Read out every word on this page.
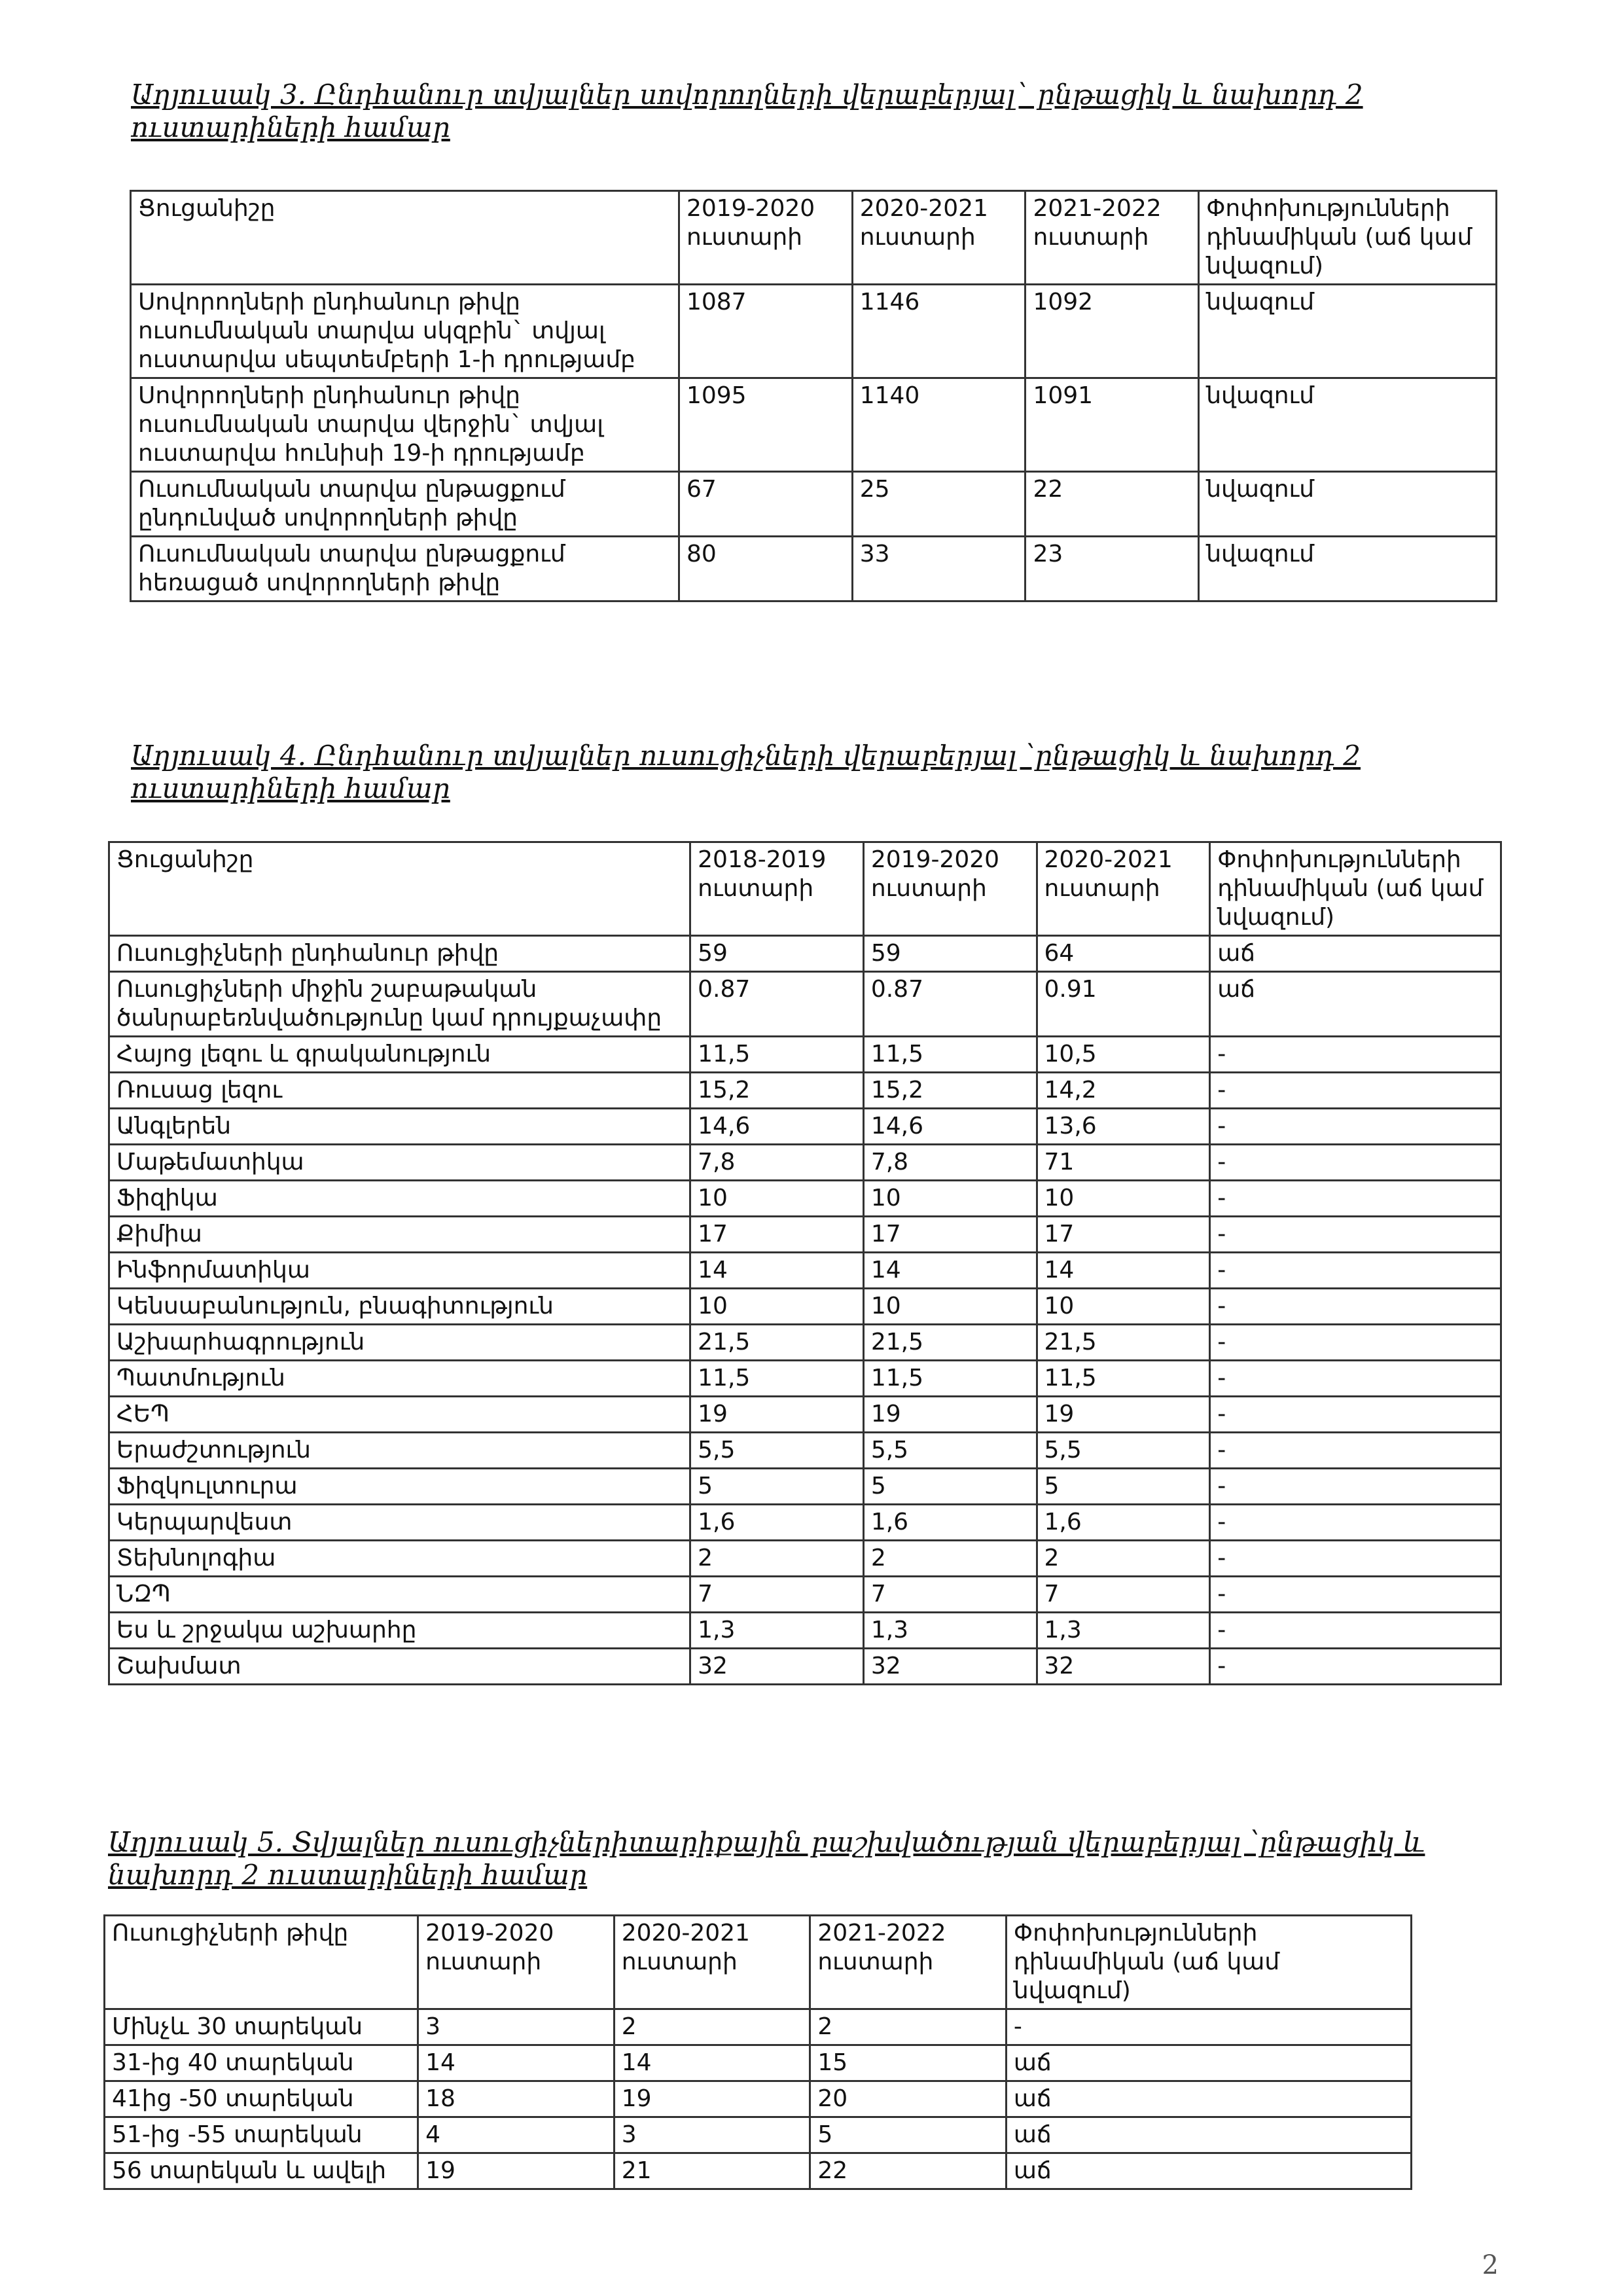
Աղյուսակ 3. Ընդհանուր տվյալներ սովորողների վերաբերյալ` ընթացիկ և նախորդ 2 ուստարիների համար
Ցուցանիշը	2019-2020 ուստարի	2020-2021 ուստարի	2021-2022 ուստարի	Փոփոխությունների դինամիկան (աճ կամ նվազում)
Սովորողների ընդհանուր թիվը ուսումնական տարվա սկզբին` տվյալ ուստարվա սեպտեմբերի 1-ի դրությամբ	1087	1146	1092	նվազում
Սովորողների ընդհանուր թիվը ուսումնական տարվա վերջին` տվյալ ուստարվա հունիսի 19-ի դրությամբ	1095	1140	1091	նվազում
Ուսումնական տարվա ընթացքում ընդունված սովորողների թիվը	67	25	22	նվազում
Ուսումնական տարվա ընթացքում հեռացած սովորողների թիվը	80	33	23	նվազում
Աղյուսակ 4. Ընդհանուր տվյալներ ուսուցիչների վերաբերյալ ՝ընթացիկ և նախորդ 2 ուստարիների համար
Ցուցանիշը	2018-2019 ուստարի	2019-2020 ուստարի	2020-2021 ուստարի	Փոփոխությունների դինամիկան (աճ կամ նվազում)
Ուսուցիչների ընդհանուր թիվը	59	59	64	աճ
Ուսուցիչների միջին շաբաթական ծանրաբեռնվածությունը կամ դրույքաչափը	0.87	0.87	0.91	աճ
Հայոց լեզու և գրականություն	11,5	11,5	10,5	-
Ռուսաց լեզու	15,2	15,2	14,2	-
Անգլերեն	14,6	14,6	13,6	-
Մաթեմատիկա	7,8	7,8	71	-
Ֆիզիկա	10	10	10	-
Քիմիա	17	17	17	-
Ինֆորմատիկա	14	14	14	-
Կենսաբանություն, բնագիտություն	10	10	10	-
Աշխարհագրություն	21,5	21,5	21,5	-
Պատմություն	11,5	11,5	11,5	-
ՀԵՊ	19	19	19	-
Երաժշտություն	5,5	5,5	5,5	-
Ֆիզկուլտուրա	5	5	5	-
Կերպարվեստ	1,6	1,6	1,6	-
Տեխնոլոգիա	2	2	2	-
ՆԶՊ	7	7	7	-
Ես և շրջակա աշխարհը	1,3	1,3	1,3	-
Շախմատ	32	32	32	-
Աղյուսակ 5. Տվյալներ ուսուցիչներիտարիքային բաշխվածության վերաբերյալ ՝ընթացիկ և նախորդ 2 ուստարիների համար
Ուսուցիչների թիվը	2019-2020 ուստարի	2020-2021 ուստարի	2021-2022 ուստարի	Փոփոխությունների դինամիկան (աճ կամ նվազում)
Մինչև 30 տարեկան	3	2	2	-
31-ից 40 տարեկան	14	14	15	աճ
41ից -50 տարեկան	18	19	20	աճ
51-ից -55 տարեկան	4	3	5	աճ
56 տարեկան և ավելի	19	21	22	աճ
2
